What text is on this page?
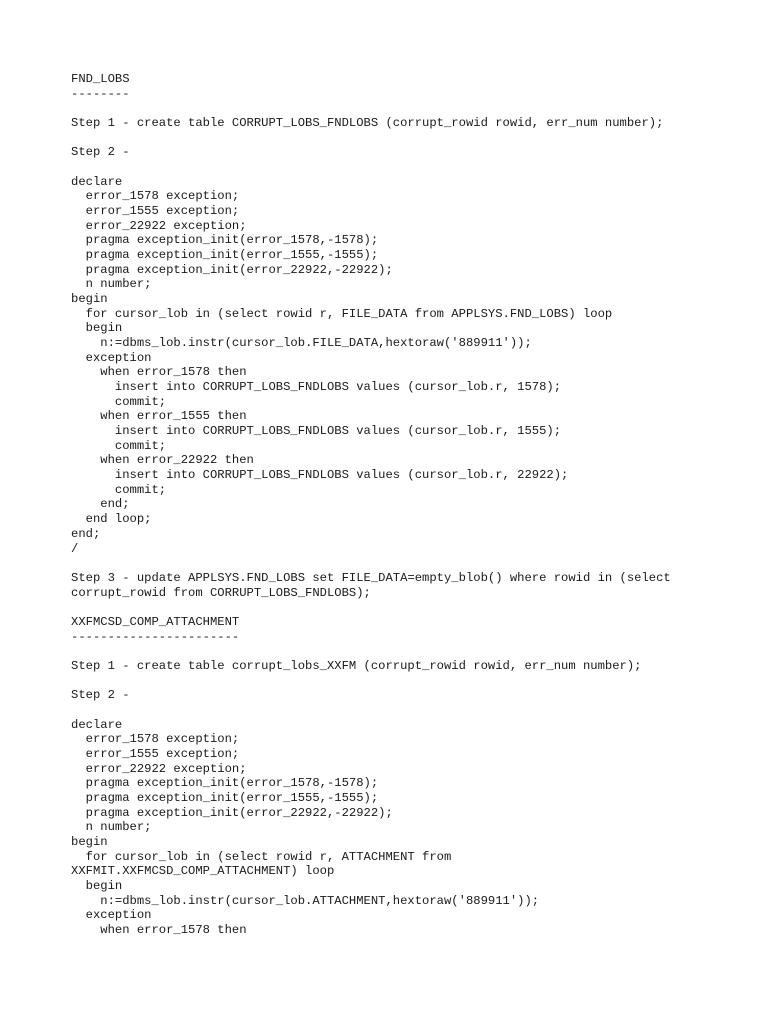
FND_LOBS
--------
Step 1 - create table CORRUPT_LOBS_FNDLOBS (corrupt_rowid rowid, err_num number);
Step 2 -
declare
error_1578 exception;
error_1555 exception;
error_22922 exception;
pragma exception_init(error_1578,-1578);
pragma exception_init(error_1555,-1555);
pragma exception_init(error_22922,-22922);
n number;
begin
for cursor_lob in (select rowid r, FILE_DATA from APPLSYS.FND_LOBS) loop
begin
n:=dbms_lob.instr(cursor_lob.FILE_DATA,hextoraw('889911'));
exception
when error_1578 then
insert into CORRUPT_LOBS_FNDLOBS values (cursor_lob.r, 1578);
commit;
when error_1555 then
insert into CORRUPT_LOBS_FNDLOBS values (cursor_lob.r, 1555);
commit;
when error_22922 then
insert into CORRUPT_LOBS_FNDLOBS values (cursor_lob.r, 22922);
commit;
end;
end loop;
end;
/
Step 3 - update APPLSYS.FND_LOBS set FILE_DATA=empty_blob() where rowid in (select
corrupt_rowid from CORRUPT_LOBS_FNDLOBS);
XXFMCSD_COMP_ATTACHMENT
-----------------------
Step 1 - create table corrupt_lobs_XXFM (corrupt_rowid rowid, err_num number);
Step 2 -
declare
error_1578 exception;
error_1555 exception;
error_22922 exception;
pragma exception_init(error_1578,-1578);
pragma exception_init(error_1555,-1555);
pragma exception_init(error_22922,-22922);
n number;
begin
for cursor_lob in (select rowid r, ATTACHMENT from
XXFMIT.XXFMCSD_COMP_ATTACHMENT) loop
begin
n:=dbms_lob.instr(cursor_lob.ATTACHMENT,hextoraw('889911'));
exception
when error_1578 then
